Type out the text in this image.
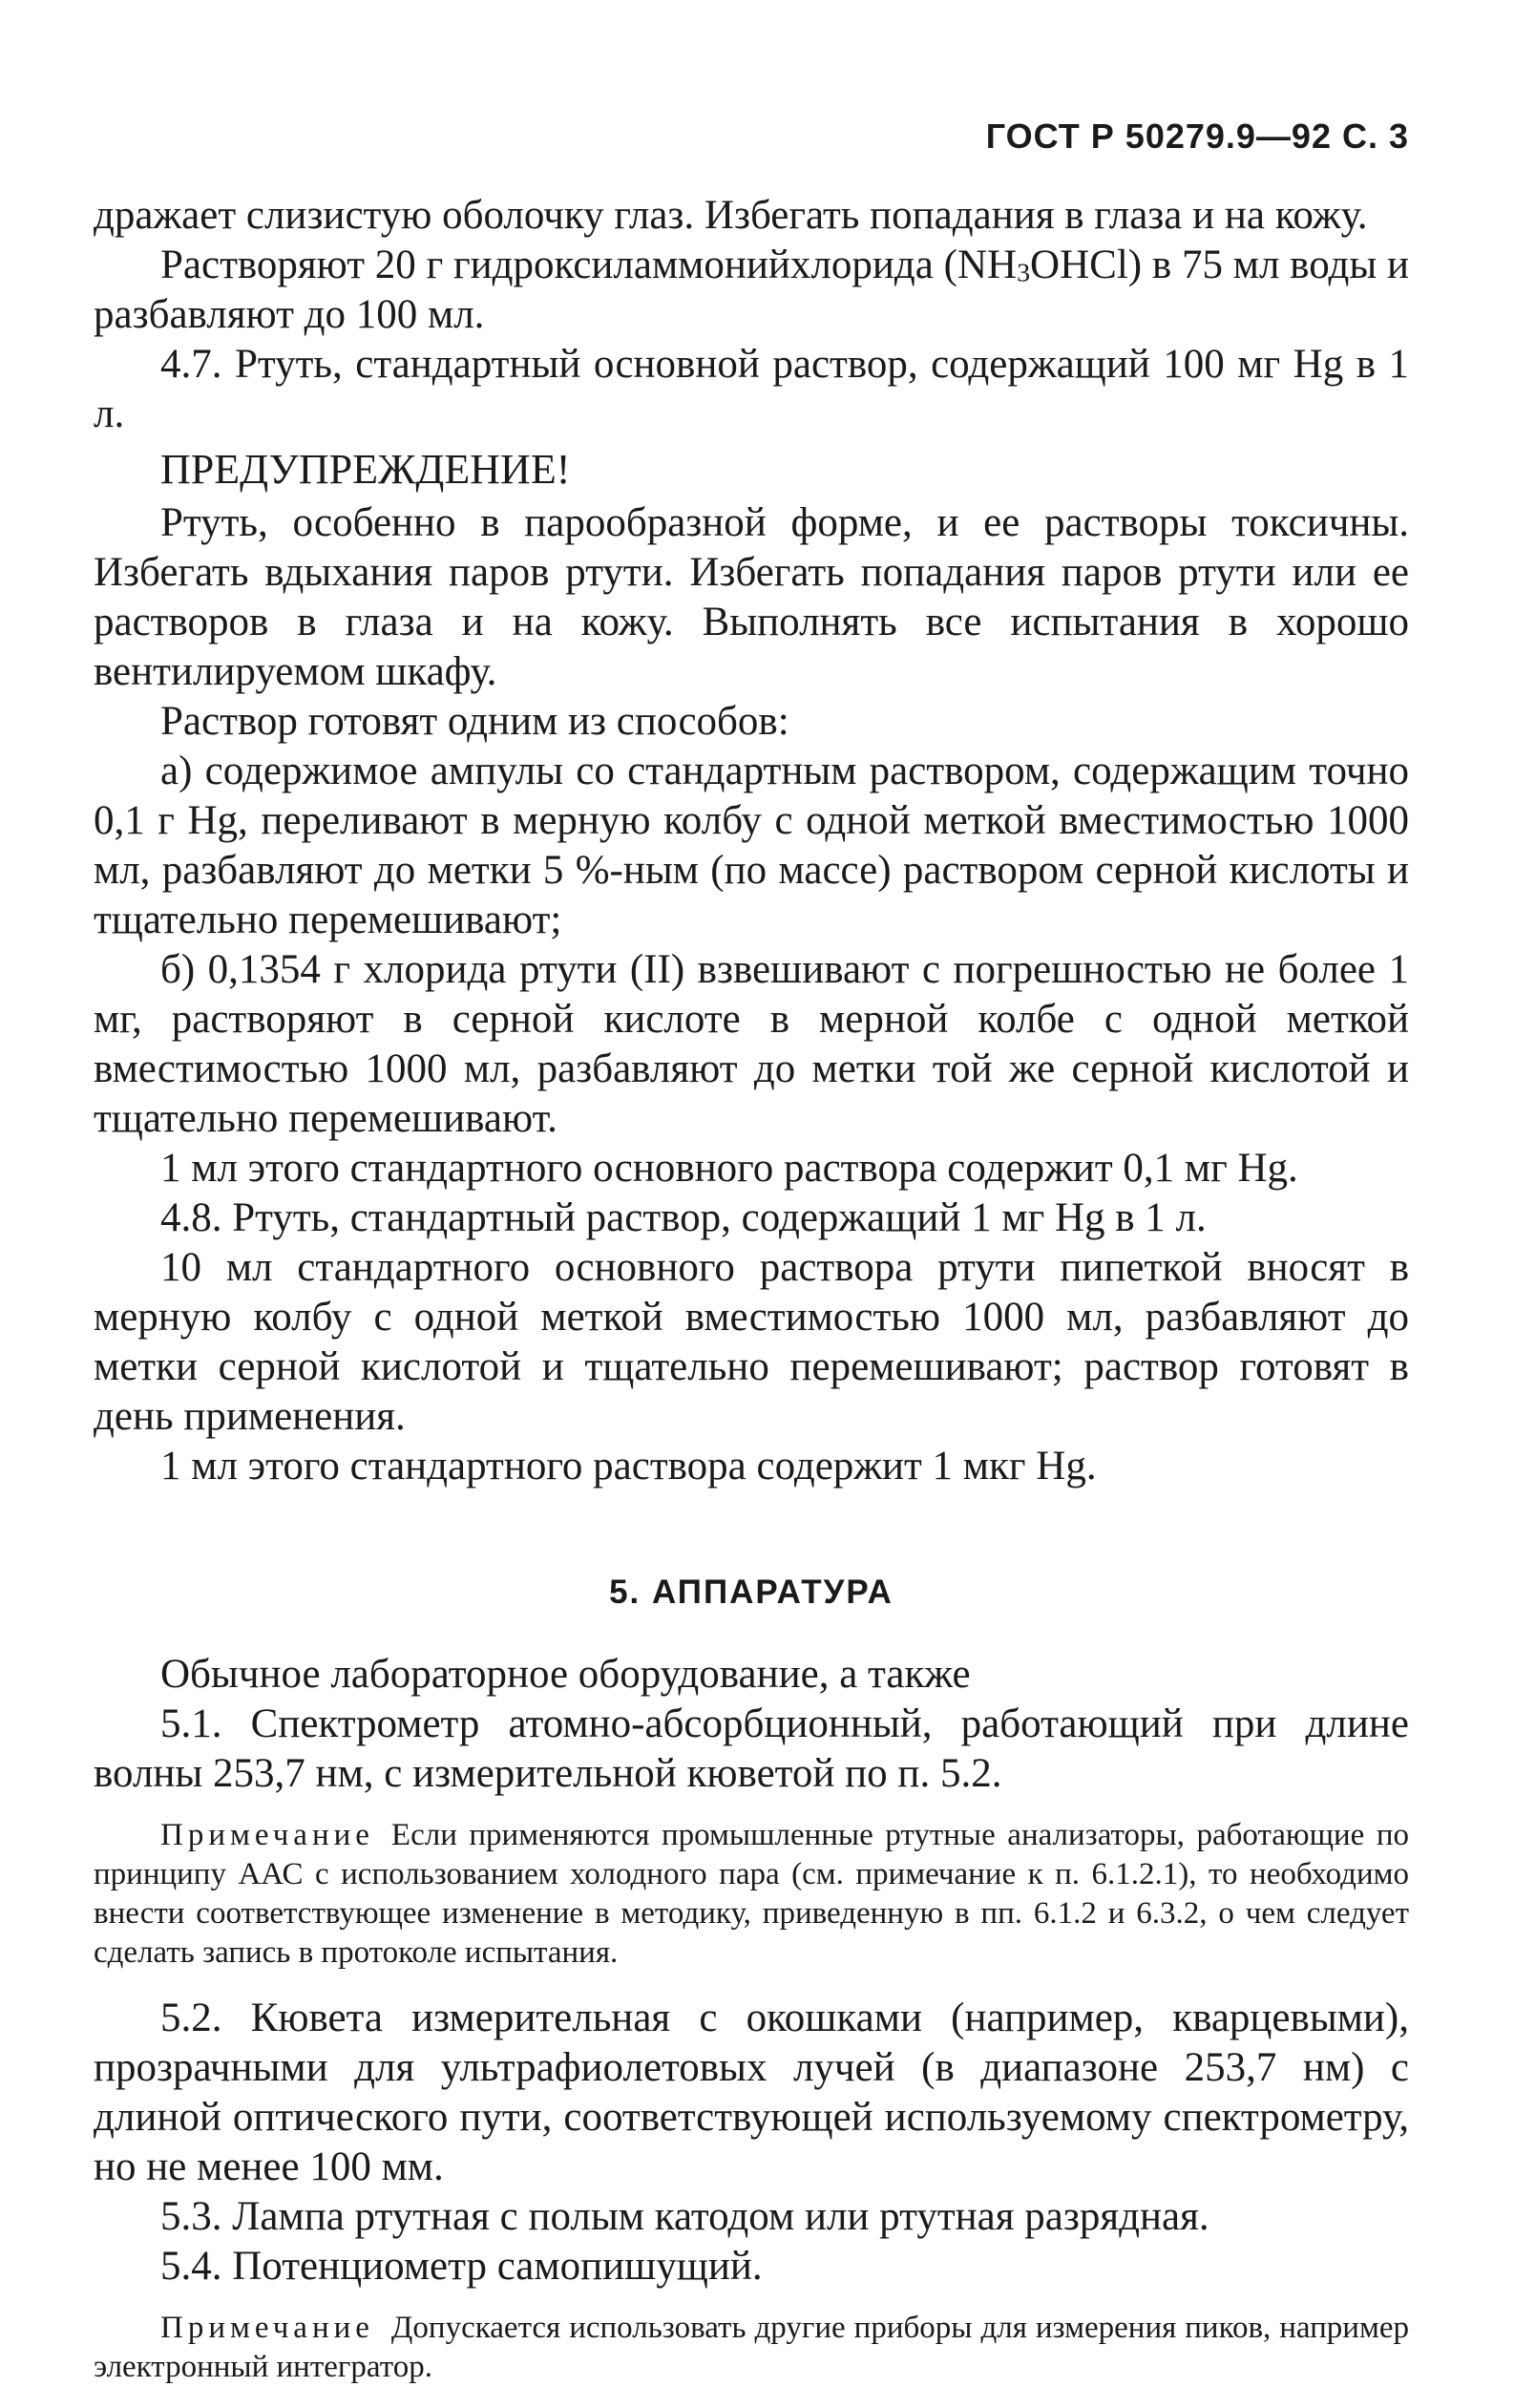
ГОСТ Р 50279.9—92 С. 3

дражает слизистую оболочку глаз. Избегать попадания в глаза и на кожу.

Растворяют 20 г гидроксиламмонийхлорида (NH3OHCl) в 75 мл воды и разбавляют до 100 мл.

4.7. Ртуть, стандартный основной раствор, содержащий 100 мг Hg в 1 л.

ПРЕДУПРЕЖДЕНИЕ!

Ртуть, особенно в парообразной форме, и ее растворы токсичны. Избегать вдыхания паров ртути. Избегать попадания паров ртути или ее растворов в глаза и на кожу. Выполнять все испытания в хорошо вентилируемом шкафу.

Раствор готовят одним из способов:

а) содержимое ампулы со стандартным раствором, содержащим точно 0,1 г Hg, переливают в мерную колбу с одной меткой вместимостью 1000 мл, разбавляют до метки 5 %-ным (по массе) раствором серной кислоты и тщательно перемешивают;

б) 0,1354 г хлорида ртути (II) взвешивают с погрешностью не более 1 мг, растворяют в серной кислоте в мерной колбе с одной меткой вместимостью 1000 мл, разбавляют до метки той же серной кислотой и тщательно перемешивают.

1 мл этого стандартного основного раствора содержит 0,1 мг Hg.

4.8. Ртуть, стандартный раствор, содержащий 1 мг Hg в 1 л.

10 мл стандартного основного раствора ртути пипеткой вносят в мерную колбу с одной меткой вместимостью 1000 мл, разбавляют до метки серной кислотой и тщательно перемешивают; раствор готовят в день применения.

1 мл этого стандартного раствора содержит 1 мкг Hg.

5. АППАРАТУРА

Обычное лабораторное оборудование, а также

5.1. Спектрометр атомно-абсорбционный, работающий при длине волны 253,7 нм, с измерительной кюветой по п. 5.2.

Примечание Если применяются промышленные ртутные анализаторы, работающие по принципу ААС с использованием холодного пара (см. примечание к п. 6.1.2.1), то необходимо внести соответствующее изменение в методику, приведенную в пп. 6.1.2 и 6.3.2, о чем следует сделать запись в протоколе испытания.

5.2. Кювета измерительная с окошками (например, кварцевыми), прозрачными для ультрафиолетовых лучей (в диапазоне 253,7 нм) с длиной оптического пути, соответствующей используемому спектрометру, но не менее 100 мм.

5.3. Лампа ртутная с полым катодом или ртутная разрядная.

5.4. Потенциометр самопишущий.

Примечание Допускается использовать другие приборы для измерения пиков, например электронный интегратор.
